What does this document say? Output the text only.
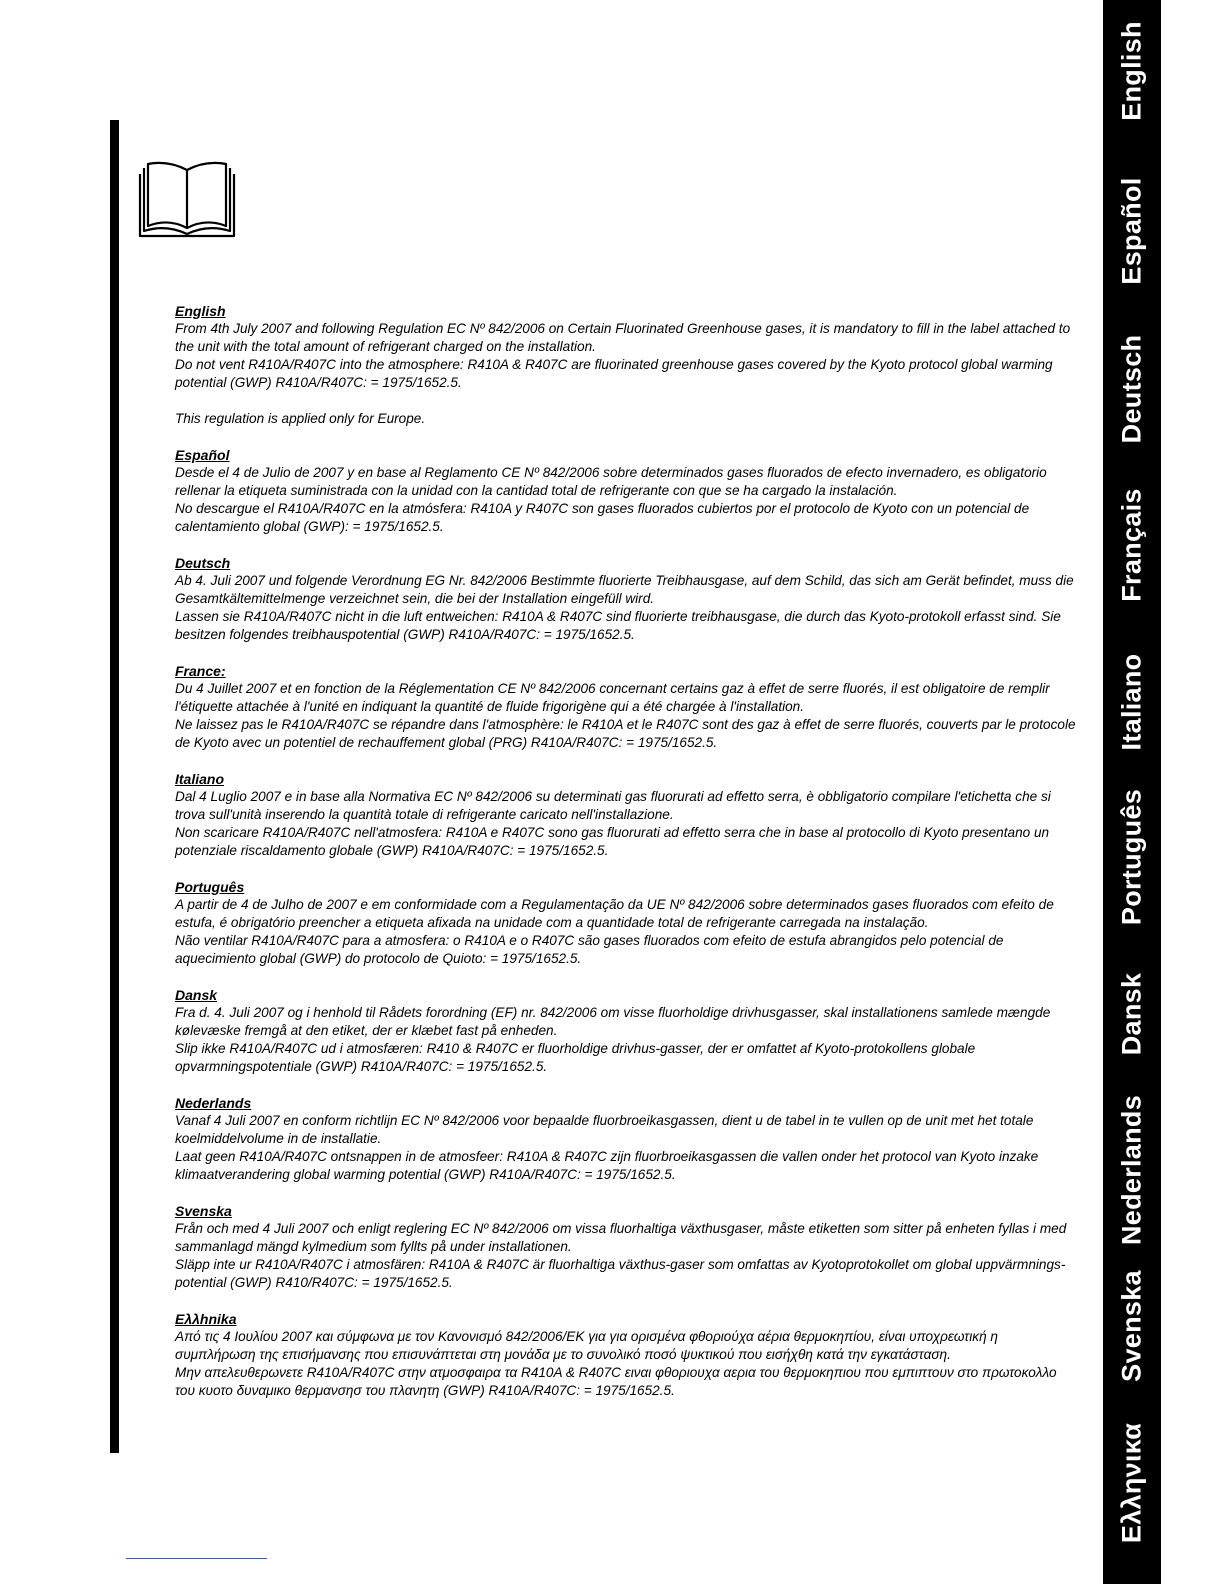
English
Español
Deutsch
Français
Italiano
Português
Dansk
Nederlands
Svenska
Ελληνικα
English

From 4th July 2007 and following Regulation EC Nº 842/2006 on Certain Fluorinated Greenhouse gases, it is mandatory to fill in the label attached to the unit with the total amount of refrigerant charged on the installation.

Do not vent R410A/R407C into the atmosphere: R410A & R407C are fluorinated greenhouse gases covered by the Kyoto protocol global warming potential (GWP) R410A/R407C: = 1975/1652.5.

This regulation is applied only for Europe.

Español

Desde el 4 de Julio de 2007 y en base al Reglamento CE Nº 842/2006 sobre determinados gases fluorados de efecto invernadero, es obligatorio rellenar la etiqueta suministrada con la unidad con la cantidad total de refrigerante con que se ha cargado la instalación.

No descargue el R410A/R407C en la atmósfera: R410A y R407C son gases fluorados cubiertos por el protocolo de Kyoto con un potencial de calentamiento global (GWP): = 1975/1652.5.

Deutsch

Ab 4. Juli 2007 und folgende Verordnung EG Nr. 842/2006 Bestimmte fluorierte Treibhausgase, auf dem Schild, das sich am Gerät befindet, muss die Gesamtkältemittelmenge verzeichnet sein, die bei der Installation eingefüll wird.

Lassen sie R410A/R407C nicht in die luft entweichen: R410A & R407C sind fluorierte treibhausgase, die durch das Kyoto-protokoll erfasst sind. Sie besitzen folgendes treibhauspotential (GWP) R410A/R407C: = 1975/1652.5.

France:

Du 4 Juillet 2007 et en fonction de la Réglementation CE Nº 842/2006 concernant certains gaz à effet de serre fluorés, il est obligatoire de remplir l'étiquette attachée à l'unité en indiquant la quantité de fluide frigorigène qui a été chargée à l'installation.

Ne laissez pas le R410A/R407C se répandre dans l'atmosphère: le R410A et le R407C sont des gaz à effet de serre fluorés, couverts par le protocole de Kyoto avec un potentiel de rechauffement global (PRG) R410A/R407C: = 1975/1652.5.

Italiano

Dal 4 Luglio 2007 e in base alla Normativa EC Nº 842/2006 su determinati gas fluorurati ad effetto serra, è obbligatorio compilare l'etichetta che si trova sull'unità inserendo la quantità totale di refrigerante caricato nell'installazione.

Non scaricare R410A/R407C nell'atmosfera: R410A e R407C sono gas fluorurati ad effetto serra che in base al protocollo di Kyoto presentano un potenziale riscaldamento globale (GWP) R410A/R407C: = 1975/1652.5.

Português

A partir de 4 de Julho de 2007 e em conformidade com a Regulamentação da UE Nº 842/2006 sobre determinados gases fluorados com efeito de estufa, é obrigatório preencher a etiqueta afixada na unidade com a quantidade total de refrigerante carregada na instalação.

Não ventilar R410A/R407C para a atmosfera: o R410A e o R407C são gases fluorados com efeito de estufa abrangidos pelo potencial de aquecimiento global (GWP) do protocolo de Quioto: = 1975/1652.5.

Dansk

Fra d. 4. Juli 2007 og i henhold til Rådets forordning (EF) nr. 842/2006 om visse fluorholdige drivhusgasser, skal installationens samlede mængde kølevæske fremgå at den etiket, der er klæbet fast på enheden.

Slip ikke R410A/R407C ud i atmosfæren: R410 & R407C er fluorholdige drivhus-gasser, der er omfattet af Kyoto-protokollens globale opvarmningspotentiale (GWP) R410A/R407C: = 1975/1652.5.

Nederlands

Vanaf 4 Juli 2007 en conform richtlijn EC Nº 842/2006 voor bepaalde fluorbroeikasgassen, dient u de tabel in te vullen op de unit met het totale koelmiddelvolume in de installatie.

Laat geen R410A/R407C ontsnappen in de atmosfeer: R410A & R407C zijn fluorbroeikasgassen die vallen onder het protocol van Kyoto inzake klimaatverandering global warming potential (GWP) R410A/R407C: = 1975/1652.5.

Svenska

Från och med 4 Juli 2007 och enligt reglering EC Nº 842/2006 om vissa fluorhaltiga växthusgaser, måste etiketten som sitter på enheten fyllas i med sammanlagd mängd kylmedium som fyllts på under installationen.

Släpp inte ur R410A/R407C i atmosfären: R410A & R407C är fluorhaltiga växthus-gaser som omfattas av Kyotoprotokollet om global uppvärmnings-potential (GWP) R410/R407C: = 1975/1652.5.

Eλλhnika

Από τις 4 Ιουλίου 2007 και σύμφωνα με τον Κανονισμό 842/2006/ΕΚ για για ορισμένα φθοριούχα αέρια θερμοκηπίου, είναι υποχρεωτική η συμπλήρωση της επισήμανσης που επισυνάπτεται στη μονάδα με το συνολικό ποσό ψυκτικού που εισήχθη κατά την εγκατάσταση.

Μην απελευθερωνετε R410A/R407C στην ατμοσφαιρα τα R410A & R407C ειναι φθοριουχα αερια του θερμοκηπιου που εμπιπτουν στο πρωτοκολλο του κυοτο δυναμικο θερμανσησ του πλανητη (GWP) R410A/R407C: = 1975/1652.5.
